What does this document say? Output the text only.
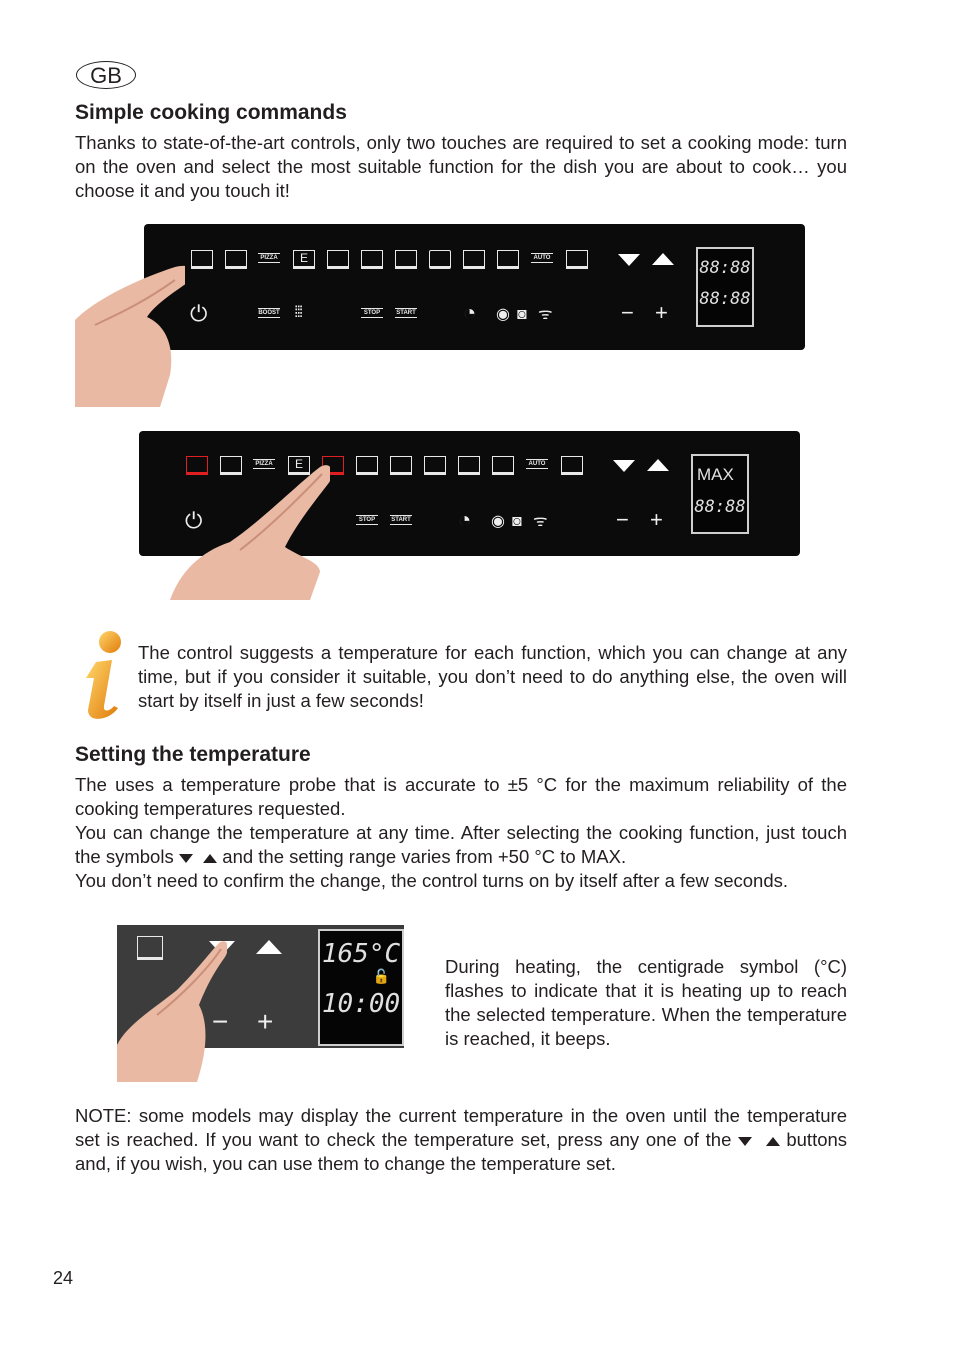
GB
Simple cooking commands

Thanks to state-of-the-art controls, only two touches are required to set a cooking mode: turn on the oven and select the most suitable function for the dish you are about to cook… you choose it and you touch it!

PIZZA	E	AUTO
⏻	BOOST ⁞⁞⁞	STOP	START ◔ ◉ ◙ ᯤ	− +
88:88
88:88
PIZZA	E	AUTO
⏻	STOP	START ◔ ◉ ◙ ᯤ	− +
MAX
88:88

The control suggests a temperature for each function, which you can change at any time, but if you consider it suitable, you don’t need to do anything else, the oven will start by itself in just a few seconds!

Setting the temperature

The uses a temperature probe that is accurate to ±5 °C for the maximum reliability of the cooking temperatures requested.

You can change the temperature at any time. After selecting the cooking function, just touch the symbols	and the setting range varies from +50 °C to MAX.

You don’t need to confirm the change, the control turns on by itself after a few seconds.

− +
165°C
🔓
10:00

During heating, the centigrade symbol (°C) flashes to indicate that it is heating up to reach the selected temperature. When the temperature is reached, it beeps.

NOTE: some models may display the current temperature in the oven until the temperature set is reached. If you want to check the temperature set, press any one of the	buttons and, if you wish, you can use them to change the temperature set.

24
